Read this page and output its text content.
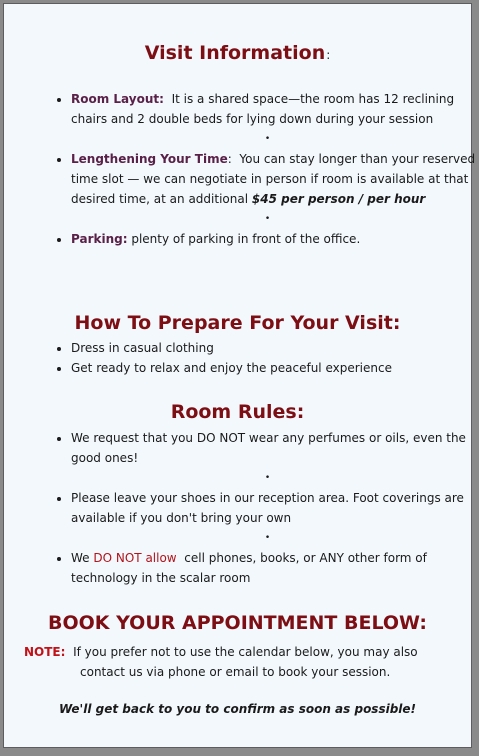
Visit Information:
• Room Layout: It is a shared space—the room has 12 reclining chairs and 2 double beds for lying down during your session
•
• Lengthening Your Time:  You can stay longer than your reserved time slot — we can negotiate in person if room is available at that desired time, at an additional $45 per person / per hour
•
• Parking: plenty of parking in front of the office.
How To Prepare For Your Visit:
• Dress in casual clothing
• Get ready to relax and enjoy the peaceful experience
Room Rules:
• We request that you DO NOT wear any perfumes or oils, even the good ones!
•
• Please leave your shoes in our reception area. Foot coverings are available if you don't bring your own
•
• We DO NOT allow cell phones, books, or ANY other form of technology in the scalar room
BOOK YOUR APPOINTMENT BELOW:
NOTE: If you prefer not to use the calendar below, you may also
contact us via phone or email to book your session.
We'll get back to you to confirm as soon as possible!
